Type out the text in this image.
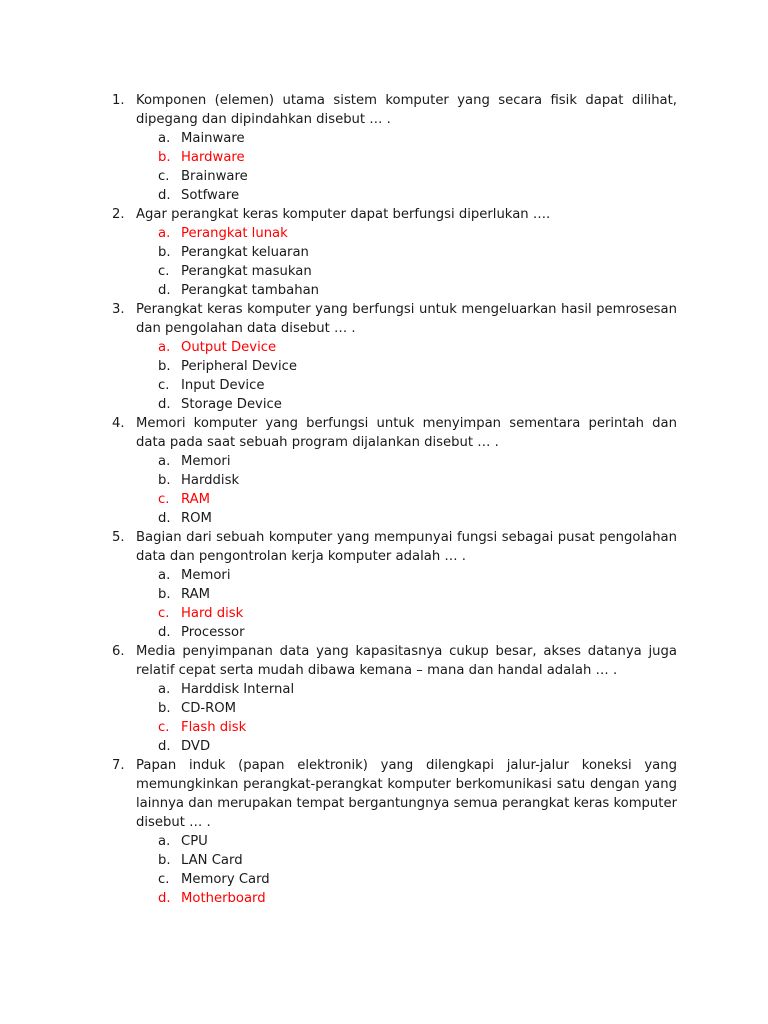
1. Komponen (elemen) utama sistem komputer yang secara fisik dapat dilihat, dipegang dan dipindahkan disebut … .
a. Mainware
b. Hardware
c. Brainware
d. Sotfware
2. Agar perangkat keras komputer dapat berfungsi diperlukan ….
a. Perangkat lunak
b. Perangkat keluaran
c. Perangkat masukan
d. Perangkat tambahan
3. Perangkat keras komputer yang berfungsi untuk mengeluarkan hasil pemrosesan dan pengolahan data disebut … .
a. Output Device
b. Peripheral Device
c. Input Device
d. Storage Device
4. Memori komputer yang berfungsi untuk menyimpan sementara perintah dan data pada saat sebuah program dijalankan disebut … .
a. Memori
b. Harddisk
c. RAM
d. ROM
5. Bagian dari sebuah komputer yang mempunyai fungsi sebagai pusat pengolahan data dan pengontrolan kerja komputer adalah … .
a. Memori
b. RAM
c. Hard disk
d. Processor
6. Media penyimpanan data yang kapasitasnya cukup besar, akses datanya juga relatif cepat serta mudah dibawa kemana – mana dan handal adalah … .
a. Harddisk Internal
b. CD-ROM
c. Flash disk
d. DVD
7. Papan induk (papan elektronik) yang dilengkapi jalur-jalur koneksi yang memungkinkan perangkat-perangkat komputer berkomunikasi satu dengan yang lainnya dan merupakan tempat bergantungnya semua perangkat keras komputer disebut … .
a. CPU
b. LAN Card
c. Memory Card
d. Motherboard
